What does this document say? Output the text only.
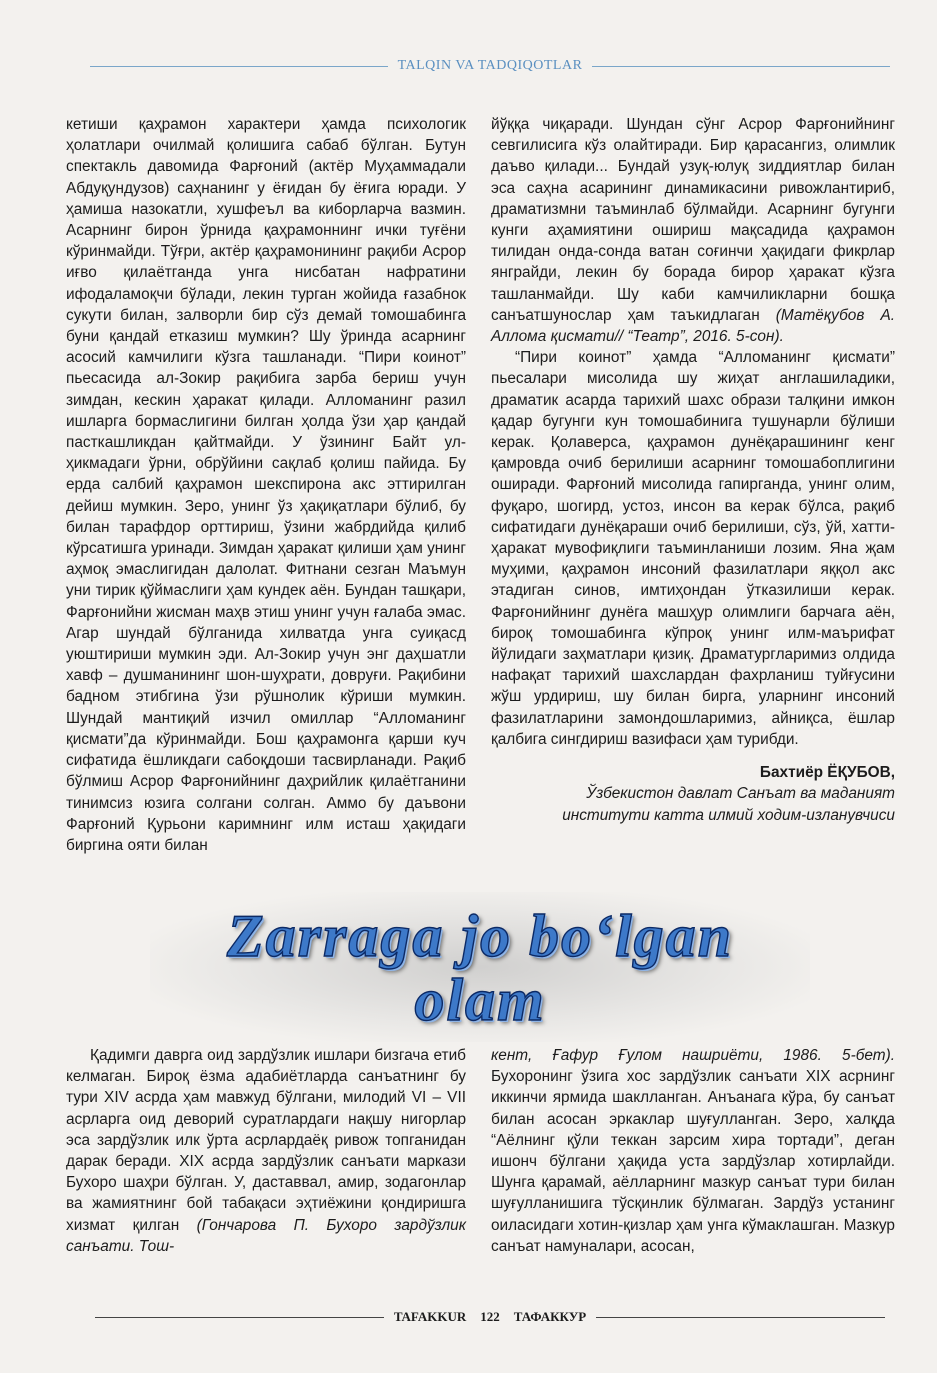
TALQIN VA TADQIQOTLAR

кетиши қаҳрамон характери ҳамда психологик ҳолатлари очилмай қолишига сабаб бўлган. Бутун спектакль давомида Фарғоний (актёр Муҳаммадали Абдуқундузов) саҳнанинг у ёғидан бу ёғига юради. У ҳамиша назокатли, хушфеъл ва киборларча вазмин. Асарнинг бирон ўрнида қаҳрамоннинг ички туғёни кўринмайди. Тўғри, актёр қаҳрамонининг рақиби Асрор иғво қилаётганда унга нисбатан нафратини ифодаламоқчи бўлади, лекин турган жойида ғазабнок сукути билан, залворли бир сўз демай томошабинга буни қандай етказиш мумкин? Шу ўринда асарнинг асосий камчилиги кўзга ташланади. “Пири коинот” пьесасида ал-Зокир рақибига зарба бериш учун зимдан, кескин ҳаракат қилади. Алломанинг разил ишларга бормаслигини билган ҳолда ўзи ҳар қандай пасткашликдан қайтмайди. У ўзининг Байт ул-ҳикмадаги ўрни, обрўйини сақлаб қолиш пайида. Бу ерда салбий қаҳрамон шекспирона акс эттирилган дейиш мумкин. Зеро, унинг ўз ҳақиқатлари бўлиб, бу билан тарафдор орттириш, ўзини жабрдийда қилиб кўрсатишга уринади. Зимдан ҳаракат қилиши ҳам унинг аҳмоқ эмаслигидан далолат. Фитнани сезган Маъмун уни тирик қўймаслиги ҳам кундек аён. Бундан ташқари, Фарғонийни жисман маҳв этиш унинг учун ғалаба эмас. Агар шундай бўлганида хилватда унга суиқасд уюштириши мумкин эди. Ал-Зокир учун энг даҳшатли хавф – душманининг шон-шуҳрати, довруғи. Рақибини бадном этибгина ўзи рўшнолик кўриши мумкин. Шундай мантиқий изчил омиллар “Алломанинг қисмати”да кўринмайди. Бош қаҳрамонга қарши куч сифатида ёшликдаги сабоқдоши тасвирланади. Рақиб бўлмиш Асрор Фарғонийнинг даҳрийлик қилаётганини тинимсиз юзига солгани солган. Аммо бу даъвони Фарғоний Қурьони каримнинг илм исташ ҳақидаги биргина ояти билан

йўққа чиқаради. Шундан сўнг Асрор Фарғонийнинг севгилисига кўз олайтиради. Бир қарасангиз, олимлик даъво қилади... Бундай узуқ-юлуқ зиддиятлар билан эса саҳна асарининг динамикасини ривожлантириб, драматизмни таъминлаб бўлмайди. Асарнинг бугунги кунги аҳамиятини ошириш мақсадида қаҳрамон тилидан онда-сонда ватан соғинчи ҳақидаги фикрлар янграйди, лекин бу борада бирор ҳаракат кўзга ташланмайди. Шу каби камчиликларни бошқа санъатшунослар ҳам таъкидлаган (Матёқубов А. Аллома қисмати// “Театр”, 2016. 5-сон).

“Пири коинот” ҳамда “Алломанинг қисмати” пьесалари мисолида шу жиҳат англашиладики, драматик асарда тарихий шахс образи талқини имкон қадар бугунги кун томошабинига тушунарли бўлиши керак. Қолаверса, қаҳрамон дунёқарашининг кенг қамровда очиб берилиши асарнинг томошабоплигини оширади. Фарғоний мисолида гапирганда, унинг олим, фуқаро, шогирд, устоз, инсон ва керак бўлса, рақиб сифатидаги дунёқараши очиб берилиши, сўз, ўй, хатти-ҳаракат мувофиқлиги таъминланиши лозим. Яна җам муҳими, қаҳрамон инсоний фазилатлари яққол акс этадиган синов, имтиҳондан ўтказилиши керак. Фарғонийнинг дунёга машҳур олимлиги барчага аён, бироқ томошабинга кўпроқ унинг илм-маърифат йўлидаги заҳматлари қизиқ. Драматургларимиз олдида нафақат тарихий шахслардан фахрланиш туйғусини жўш урдириш, шу билан бирга, уларнинг инсоний фазилатларини замондошларимиз, айниқса, ёшлар қалбига сингдириш вазифаси ҳам турибди.

Бахтиёр ЁҚУБОВ,
Ўзбекистон давлат Санъат ва маданият
институти катта илмий ходим-изланувчиси
Zarraga jo bo‘lgan
olam

Қадимги даврга оид зардўзлик ишлари бизгача етиб келмаган. Бироқ ёзма адабиётларда санъатнинг бу тури XIV асрда ҳам мавжуд бўлгани, милодий VI – VII асрларга оид деворий суратлардаги нақшу нигорлар эса зардўзлик илк ўрта асрлардаёқ ривож топганидан дарак беради. XIX асрда зардўзлик санъати маркази Бухоро шаҳри бўлган. У, даставвал, амир, зодагонлар ва жамиятнинг бой табақаси эҳтиёжини қондиришга хизмат қилган (Гончарова П. Бухоро зардўзлик санъати. Тош-

кент, Ғафур Ғулом нашриёти, 1986. 5-бет). Бухоронинг ўзига хос зардўзлик санъати XIX асрнинг иккинчи ярмида шаклланган. Анъанага кўра, бу санъат билан асосан эркаклар шуғулланган. Зеро, халқда “Аёлнинг қўли теккан зарсим хира тортади”, деган ишонч бўлгани ҳақида уста зардўзлар хотирлайди. Шунга қарамай, аёлларнинг мазкур санъат тури билан шуғулланишига тўсқинлик бўлмаган. Зардўз устанинг оиласидаги хотин-қизлар ҳам унга кўмаклашган. Мазкур санъат намуналари, асосан,

TAFAKKUR 122 ТАФАККУР
